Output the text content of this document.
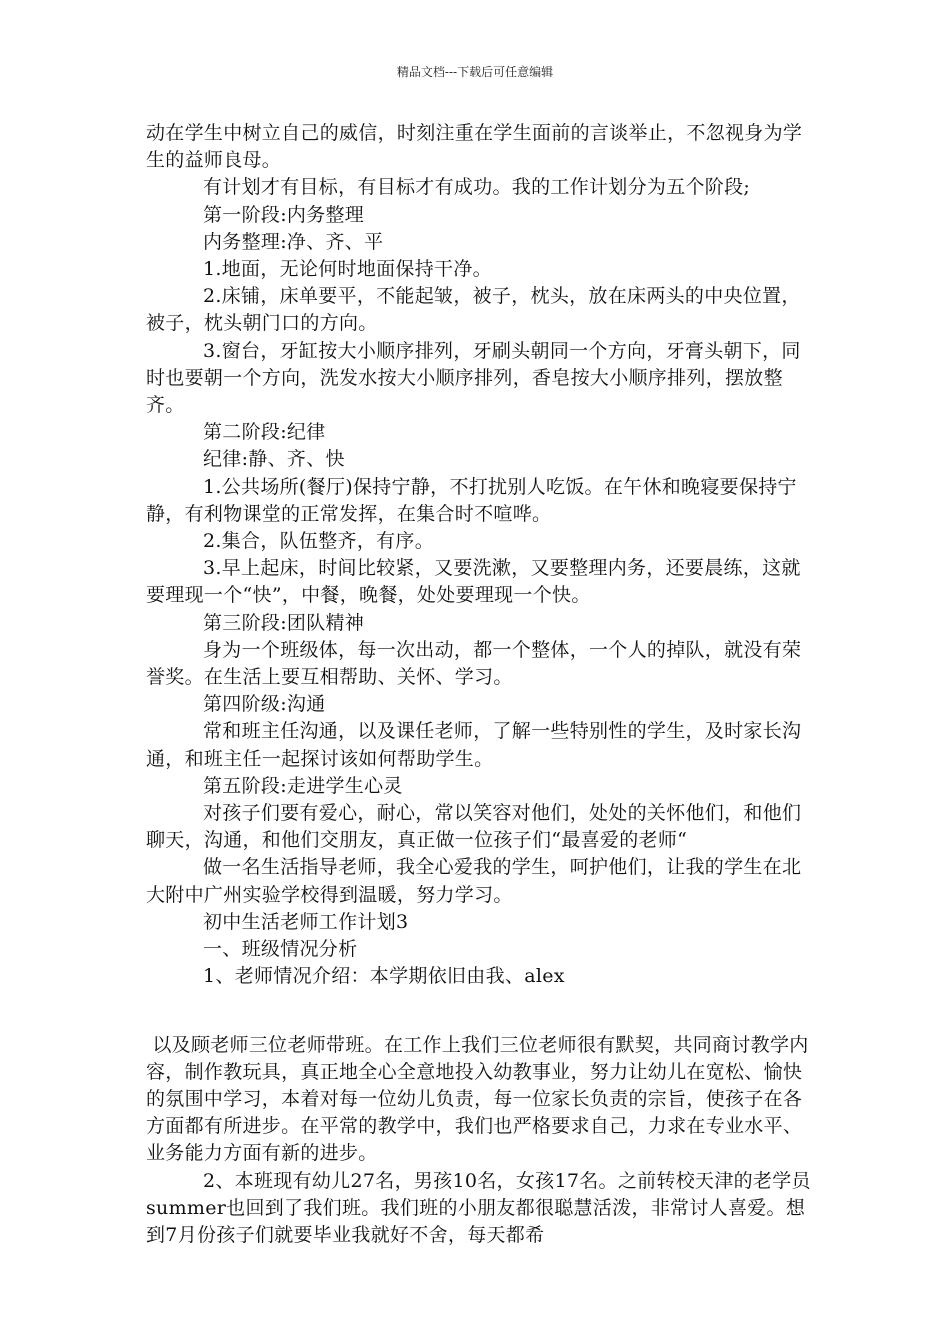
精品文档---下载后可任意编辑

动在学生中树立自己的威信，时刻注重在学生面前的言谈举止，不忽视身为学生的益师良母。

有计划才有目标，有目标才有成功。我的工作计划分为五个阶段;

第一阶段:内务整理

内务整理:净、齐、平

1.地面，无论何时地面保持干净。

2.床铺，床单要平，不能起皱，被子，枕头，放在床两头的中央位置，被子，枕头朝门口的方向。

3.窗台，牙缸按大小顺序排列，牙刷头朝同一个方向，牙膏头朝下，同时也要朝一个方向，洗发水按大小顺序排列，香皂按大小顺序排列，摆放整齐。

第二阶段:纪律

纪律:静、齐、快

1.公共场所(餐厅)保持宁静，不打扰别人吃饭。在午休和晚寝要保持宁静，有利物课堂的正常发挥，在集合时不喧哗。

2.集合，队伍整齐，有序。

3.早上起床，时间比较紧，又要洗漱，又要整理内务，还要晨练，这就要理现一个“快”，中餐，晚餐，处处要理现一个快。

第三阶段:团队精神

身为一个班级体，每一次出动，都一个整体，一个人的掉队，就没有荣誉奖。在生活上要互相帮助、关怀、学习。

第四阶级:沟通

常和班主任沟通，以及课任老师，了解一些特别性的学生，及时家长沟通，和班主任一起探讨该如何帮助学生。

第五阶段:走进学生心灵

对孩子们要有爱心，耐心，常以笑容对他们，处处的关怀他们，和他们聊天，沟通，和他们交朋友，真正做一位孩子们“最喜爱的老师“

做一名生活指导老师，我全心爱我的学生，呵护他们，让我的学生在北大附中广州实验学校得到温暖，努力学习。

初中生活老师工作计划3

一、班级情况分析

1、老师情况介绍：本学期依旧由我、alex

以及顾老师三位老师带班。在工作上我们三位老师很有默契，共同商讨教学内容，制作教玩具，真正地全心全意地投入幼教事业，努力让幼儿在宽松、愉快的氛围中学习，本着对每一位幼儿负责，每一位家长负责的宗旨，使孩子在各方面都有所进步。在平常的教学中，我们也严格要求自己，力求在专业水平、业务能力方面有新的进步。

2、本班现有幼儿27名，男孩10名，女孩17名。之前转校天津的老学员summer也回到了我们班。我们班的小朋友都很聪慧活泼，非常讨人喜爱。想到7月份孩子们就要毕业我就好不舍，每天都希
